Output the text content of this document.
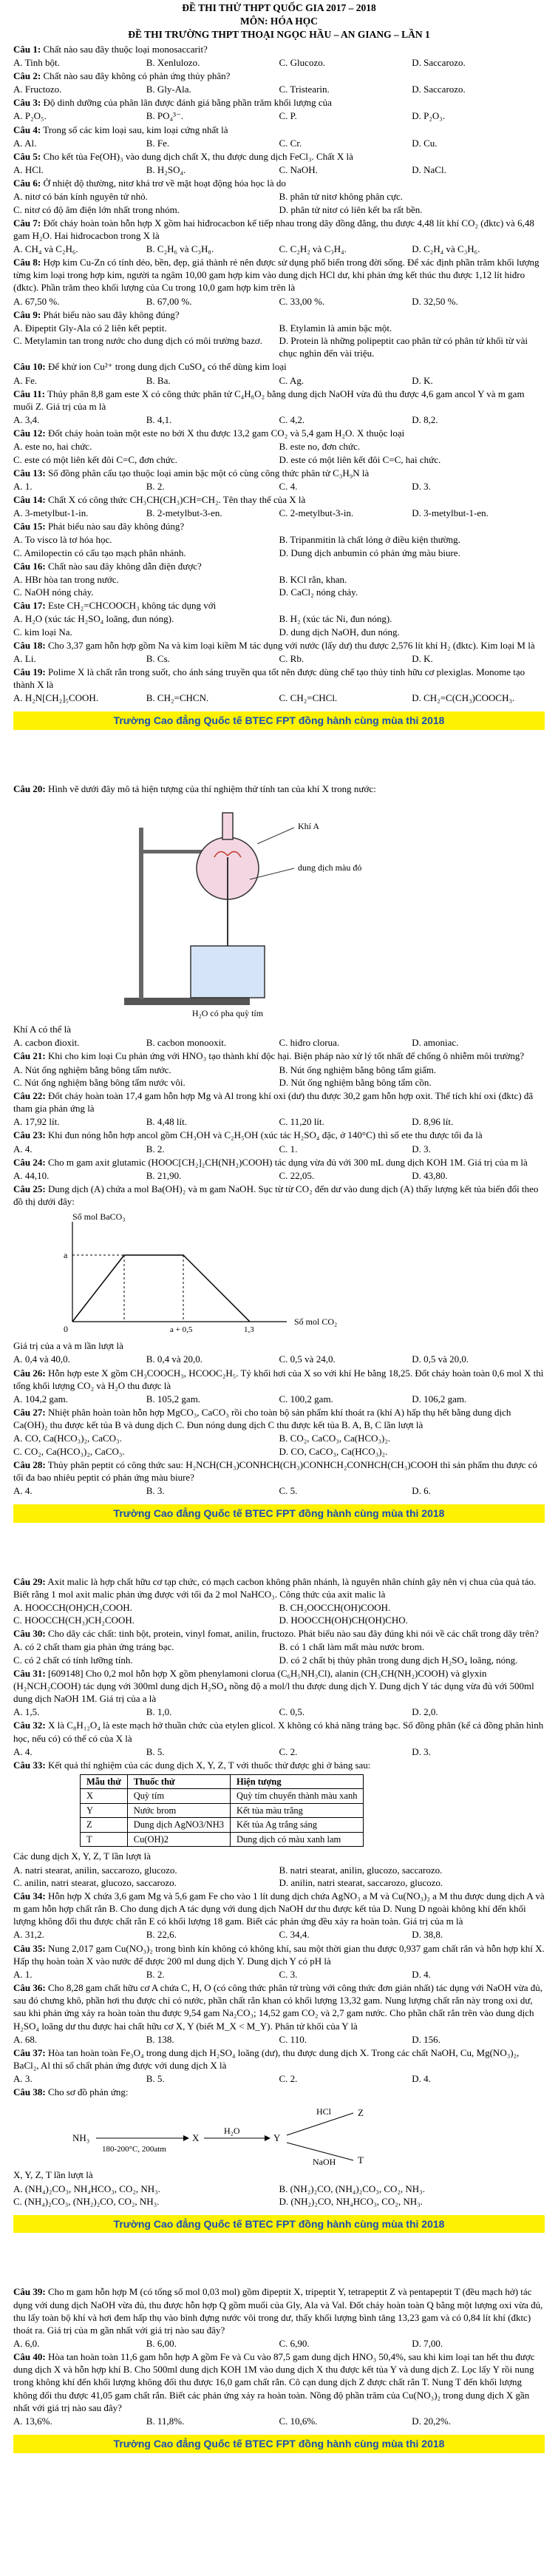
ĐỀ THI THỬ THPT QUỐC GIA 2017 – 2018
MÔN: HÓA HỌC
ĐỀ THI TRƯỜNG THPT THOẠI NGỌC HẦU – AN GIANG – LẦN 1
Câu 1: Chất nào sau đây thuộc loại monosaccarit?
A. Tinh bột.	B. Xenlulozo.	C. Glucozo.	D. Saccarozo.
Câu 2: Chất nào sau đây không có phản ứng thủy phân?
A. Fructozo.	B. Gly-Ala.	C. Tristearin.	D. Saccarozo.
Câu 3: Độ dinh dưỡng của phân lân được đánh giá bằng phần trăm khối lượng của
A. P₂O₅.	B. PO₄³⁻.	C. P.	D. P₂O₃.
Câu 4: Trong số các kim loại sau, kim loại cứng nhất là
A. Al.	B. Fe.	C. Cr.	D. Cu.
Câu 5: Cho kết tủa Fe(OH)₃ vào dung dịch chất X, thu được dung dịch FeCl₃. Chất X là
A. HCl.	B. H₂SO₄.	C. NaOH.	D. NaCl.
Câu 6: Ở nhiệt độ thường, nitơ khá trơ về mặt hoạt động hóa học là do
A. nitơ có bán kính nguyên tử nhỏ.	B. phân tử nitơ không phân cực.
C. nitơ có độ âm điện lớn nhất trong nhóm.	D. phân tử nitơ có liên kết ba rất bền.
Câu 7: Đốt cháy hoàn toàn hỗn hợp X gồm hai hiđrocacbon kế tiếp nhau trong dãy đồng đẳng, thu được 4,48 lít khí CO₂ (đktc) và 6,48 gam H₂O. Hai hiđrocacbon trong X là
A. CH₄ và C₂H₆.	B. C₂H₆ và C₃H₈.	C. C₂H₂ và C₃H₄.	D. C₂H₄ và C₃H₆.
Câu 8: Hợp kim Cu-Zn có tính dẻo, bền, đẹp, giá thành rẻ nên được sử dụng phổ biến trong đời sống. Để xác định phần trăm khối lượng từng kim loại trong hợp kim, người ta ngâm 10,00 gam hợp kim vào dung dịch HCl dư, khi phản ứng kết thúc thu được 1,12 lít hiđro (đktc). Phần trăm theo khối lượng của Cu trong 10,0 gam hợp kim trên là
A. 67,50 %.	B. 67,00 %.	C. 33,00 %.	D. 32,50 %.
Câu 9: Phát biểu nào sau đây không đúng?
A. Đipeptit Gly-Ala có 2 liên kết peptit.	B. Etylamin là amin bậc một.
C. Metylamin tan trong nước cho dung dịch có môi trường bazơ.	D. Protein là những polipeptit cao phân tử có phân tử khối từ vài chục nghìn đến vài triệu.
Câu 10: Để khử ion Cu²⁺ trong dung dịch CuSO₄ có thể dùng kim loại
A. Fe.	B. Ba.	C. Ag.	D. K.
Câu 11: Thủy phân 8,8 gam este X có công thức phân tử C₄H₈O₂ bằng dung dịch NaOH vừa đủ thu được 4,6 gam ancol Y và m gam muối Z. Giá trị của m là
A. 3,4.	B. 4,1.	C. 4,2.	D. 8,2.
Câu 12: Đốt cháy hoàn toàn một este no bởi X thu được 13,2 gam CO₂ và 5,4 gam H₂O. X thuộc loại
A. este no, hai chức.	B. este no, đơn chức.
C. este có một liên kết đôi C=C, đơn chức.	D. este có một liên kết đôi C=C, hai chức.
Câu 13: Số đồng phân cấu tạo thuộc loại amin bậc một có cùng công thức phân tử C₃H₉N là
A. 1.	B. 2.	C. 4.	D. 3.
Câu 14: Chất X có công thức CH₃CH(CH₃)CH=CH₂. Tên thay thế của X là
A. 3-metylbut-1-in.	B. 2-metylbut-3-en.	C. 2-metylbut-3-in.	D. 3-metylbut-1-en.
Câu 15: Phát biểu nào sau đây không đúng?
A. To visco là tơ hóa học.	B. Tripanmitin là chất lỏng ở điều kiện thường.
C. Amilopectin có cấu tạo mạch phân nhánh.	D. Dung dịch anbumin có phản ứng màu biure.
Câu 16: Chất nào sau đây không dẫn điện được?
A. HBr hòa tan trong nước.	B. KCl rắn, khan.
C. NaOH nóng chảy.	D. CaCl₂ nóng chảy.
Câu 17: Este CH₂=CHCOOCH₃ không tác dụng với
A. H₂O (xúc tác H₂SO₄ loãng, đun nóng).	B. H₂ (xúc tác Ni, đun nóng).
C. kim loại Na.	D. dung dịch NaOH, đun nóng.
Câu 18: Cho 3,37 gam hỗn hợp gồm Na và kim loại kiềm M tác dụng với nước (lấy dư) thu được 2,576 lít khí H₂ (đktc). Kim loại M là
A. Li.	B. Cs.	C. Rb.	D. K.
Câu 19: Polime X là chất rắn trong suốt, cho ánh sáng truyền qua tốt nên được dùng chế tạo thủy tinh hữu cơ plexiglas. Monome tạo thành X là
A. H₂N[CH₂]₅COOH.	B. CH₂=CHCN.	C. CH₂=CHCl.	D. CH₂=C(CH₃)COOCH₃.
Trường Cao đẳng Quốc tế BTEC FPT đồng hành cùng mùa thi 2018
Câu 20: Hình vẽ dưới đây mô tả hiện tượng của thí nghiệm thử tính tan của khí X trong nước:
Khí A
dung dịch màu đỏ
H₂O có pha quỳ tím
Khí A có thể là
A. cacbon đioxit.	B. cacbon monooxit.	C. hiđro clorua.	D. amoniac.
Câu 21: Khi cho kim loại Cu phản ứng với HNO₃ tạo thành khí độc hại. Biện pháp nào xử lý tốt nhất để chống ô nhiễm môi trường?
A. Nút ống nghiệm bằng bông tẩm nước.	B. Nút ống nghiệm bằng bông tẩm giấm.
C. Nút ống nghiệm bằng bông tẩm nước vôi.	D. Nút ống nghiệm bằng bông tẩm cồn.
Câu 22: Đốt cháy hoàn toàn 17,4 gam hỗn hợp Mg và Al trong khí oxi (dư) thu được 30,2 gam hỗn hợp oxit. Thể tích khí oxi (đktc) đã tham gia phản ứng là
A. 17,92 lít.	B. 4,48 lít.	C. 11,20 lít.	D. 8,96 lít.
Câu 23: Khi đun nóng hỗn hợp ancol gồm CH₃OH và C₂H₅OH (xúc tác H₂SO₄ đặc, ở 140°C) thì số ete thu được tối đa là
A. 4.	B. 2.	C. 1.	D. 3.
Câu 24: Cho m gam axit glutamic (HOOC[CH₂]₂CH(NH₂)COOH) tác dụng vừa đủ với 300 mL dung dịch KOH 1M. Giá trị của m là
A. 44,10.	B. 21,90.	C. 22,05.	D. 43,80.
Câu 25: Dung dịch (A) chứa a mol Ba(OH)₂ và m gam NaOH. Sục từ từ CO₂ đến dư vào dung dịch (A) thấy lượng kết tủa biến đổi theo đồ thị dưới đây:
Số mol BaCO₃
Số mol CO₂
a
0	a + 0,5	1,3
Giá trị của a và m lần lượt là
A. 0,4 và 40,0.	B. 0,4 và 20,0.	C. 0,5 và 24,0.	D. 0,5 và 20,0.
Câu 26: Hỗn hợp este X gồm CH₃COOCH₃, HCOOC₂H₅. Tỷ khối hơi của X so với khí He bằng 18,25. Đốt cháy hoàn toàn 0,6 mol X thì tổng khối lượng CO₂ và H₂O thu được là
A. 104,2 gam.	B. 105,2 gam.	C. 100,2 gam.	D. 106,2 gam.
Câu 27: Nhiệt phân hoàn toàn hỗn hợp MgCO₃, CaCO₃ rồi cho toàn bộ sản phẩm khí thoát ra (khí A) hấp thụ hết bằng dung dịch Ca(OH)₂ thu được kết tủa B và dung dịch C. Đun nóng dung dịch C thu được kết tủa B. A, B, C lần lượt là
A. CO, Ca(HCO₃)₂, CaCO₃.	B. CO₂, CaCO₃, Ca(HCO₃)₂.
C. CO₂, Ca(HCO₃)₂, CaCO₃.	D. CO, CaCO₃, Ca(HCO₃)₂.
Câu 28: Thủy phân peptit có công thức sau: H₂NCH(CH₃)CONHCH(CH₃)CONHCH₂CONHCH(CH₃)COOH thì sản phẩm thu được có tối đa bao nhiêu peptit có phản ứng màu biure?
A. 4.	B. 3.	C. 5.	D. 6.
Trường Cao đẳng Quốc tế BTEC FPT đồng hành cùng mùa thi 2018
Câu 29: Axit malic là hợp chất hữu cơ tạp chức, có mạch cacbon không phân nhánh, là nguyên nhân chính gây nên vị chua của quả táo. Biết rằng 1 mol axit malic phản ứng được với tối đa 2 mol NaHCO₃. Công thức của axit malic là
A. HOOCCH(OH)CH₂COOH.	B. CH₃OOCCH(OH)COOH.
C. HOOCCH(CH₃)CH₂COOH.	D. HOOCCH(OH)CH(OH)CHO.
Câu 30: Cho dãy các chất: tinh bột, protein, vinyl fomat, anilin, fructozo. Phát biểu nào sau đây đúng khi nói về các chất trong dãy trên?
A. có 2 chất tham gia phản ứng tráng bạc.	B. có 1 chất làm mất màu nước brom.
C. có 2 chất có tính lưỡng tính.	D. có 2 chất bị thủy phân trong dung dịch H₂SO₄ loãng, nóng.
Câu 31: [609148] Cho 0,2 mol hỗn hợp X gồm phenylamoni clorua (C₆H₅NH₃Cl), alanin (CH₃CH(NH₂)COOH) và glyxin (H₂NCH₂COOH) tác dụng với 300ml dung dịch H₂SO₄ nồng độ a mol/l thu được dung dịch Y. Dung dịch Y tác dụng vừa đủ với 500ml dung dịch NaOH 1M. Giá trị của a là
A. 1,5.	B. 1,0.	C. 0,5.	D. 2,0.
Câu 32: X là C₈H₁₂O₄ là este mạch hở thuần chức của etylen glicol. X không có khả năng tráng bạc. Số đồng phân (kể cả đồng phân hình học, nếu có) có thể có của X là
A. 4.	B. 5.	C. 2.	D. 3.
Câu 33: Kết quả thí nghiệm của các dung dịch X, Y, Z, T với thuốc thử được ghi ở bảng sau:
Mẫu thử	Thuốc thử	Hiện tượng
X	Quỳ tím	Quỳ tím chuyển thành màu xanh
Y	Nước brom	Kết tủa màu trắng
Z	Dung dịch AgNO3/NH3	Kết tủa Ag trắng sáng
T	Cu(OH)2	Dung dịch có màu xanh lam
Các dung dịch X, Y, Z, T lần lượt là
A. natri stearat, anilin, saccarozo, glucozo.	B. natri stearat, anilin, glucozo, saccarozo.
C. anilin, natri stearat, glucozo, saccarozo.	D. anilin, natri stearat, saccarozo, glucozo.
Câu 34: Hỗn hợp X chứa 3,6 gam Mg và 5,6 gam Fe cho vào 1 lít dung dịch chứa AgNO₃ a M và Cu(NO₃)₂ a M thu được dung dịch A và m gam hỗn hợp chất rắn B. Cho dung dịch A tác dụng với dung dịch NaOH dư thu được kết tủa D. Nung D ngoài không khí đến khối lượng không đổi thu được chất rắn E có khối lượng 18 gam. Biết các phản ứng đều xảy ra hoàn toàn. Giá trị của m là
A. 31,2.	B. 22,6.	C. 34,4.	D. 38,8.
Câu 35: Nung 2,017 gam Cu(NO₃)₂ trong bình kín không có không khí, sau một thời gian thu được 0,937 gam chất rắn và hỗn hợp khí X. Hấp thụ hoàn toàn X vào nước để được 200 ml dung dịch Y. Dung dịch Y có pH là
A. 1.	B. 2.	C. 3.	D. 4.
Câu 36: Cho 8,28 gam chất hữu cơ A chứa C, H, O (có công thức phân tử trùng với công thức đơn giản nhất) tác dụng với NaOH vừa đủ, sau đó chưng khô, phần hơi thu được chỉ có nước, phần chất rắn khan có khối lượng 13,32 gam. Nung lượng chất rắn này trong oxi dư, sau khi phản ứng xảy ra hoàn toàn thu được 9,54 gam Na₂CO₃; 14,52 gam CO₂ và 2,7 gam nước. Cho phần chất rắn trên vào dung dịch H₂SO₄ loãng dư thu được hai chất hữu cơ X, Y (biết M_X < M_Y). Phân tử khối của Y là
A. 68.	B. 138.	C. 110.	D. 156.
Câu 37: Hòa tan hoàn toàn Fe₃O₄ trong dung dịch H₂SO₄ loãng (dư), thu được dung dịch X. Trong các chất NaOH, Cu, Mg(NO₃)₂, BaCl₂, Al thì số chất phản ứng được với dung dịch X là
A. 3.	B. 5.	C. 2.	D. 4.
Câu 38: Cho sơ đồ phản ứng:
NH₃
180-200°C, 200atm
X
H₂O
Y
HCl	Z
NaOH T
X, Y, Z, T lần lượt là
A. (NH₄)₂CO₃, NH₄HCO₃, CO₂, NH₃.	B. (NH₂)₂CO, (NH₄)₂CO₃, CO₂, NH₃.
C. (NH₄)₂CO₃, (NH₂)₂CO, CO₂, NH₃.	D. (NH₂)₂CO, NH₄HCO₃, CO₂, NH₃.
Trường Cao đẳng Quốc tế BTEC FPT đồng hành cùng mùa thi 2018
Câu 39: Cho m gam hỗn hợp M (có tổng số mol 0,03 mol) gồm đipeptit X, tripeptit Y, tetrapeptit Z và pentapeptit T (đều mạch hở) tác dụng với dung dịch NaOH vừa đủ, thu được hỗn hợp Q gồm muối của Gly, Ala và Val. Đốt cháy hoàn toàn Q bằng một lượng oxi vừa đủ, thu lấy toàn bộ khí và hơi đem hấp thụ vào bình đựng nước vôi trong dư, thấy khối lượng bình tăng 13,23 gam và có 0,84 lít khí (đktc) thoát ra. Giá trị của m gần nhất với giá trị nào sau đây?
A. 6,0.	B. 6,00.	C. 6,90.	D. 7,00.
Câu 40: Hòa tan hoàn toàn 11,6 gam hỗn hợp A gồm Fe và Cu vào 87,5 gam dung dịch HNO₃ 50,4%, sau khi kim loại tan hết thu được dung dịch X và hỗn hợp khí B. Cho 500ml dung dịch KOH 1M vào dung dịch X thu được kết tủa Y và dung dịch Z. Lọc lấy Y rồi nung trong không khí đến khối lượng không đổi thu được 16,0 gam chất rắn. Cô cạn dung dịch Z được chất rắn T. Nung T đến khối lượng không đổi thu được 41,05 gam chất rắn. Biết các phản ứng xảy ra hoàn toàn. Nồng độ phần trăm của Cu(NO₃)₂ trong dung dịch X gần nhất với giá trị nào sau đây?
A. 13,6%.	B. 11,8%.	C. 10,6%.	D. 20,2%.
Trường Cao đẳng Quốc tế BTEC FPT đồng hành cùng mùa thi 2018
